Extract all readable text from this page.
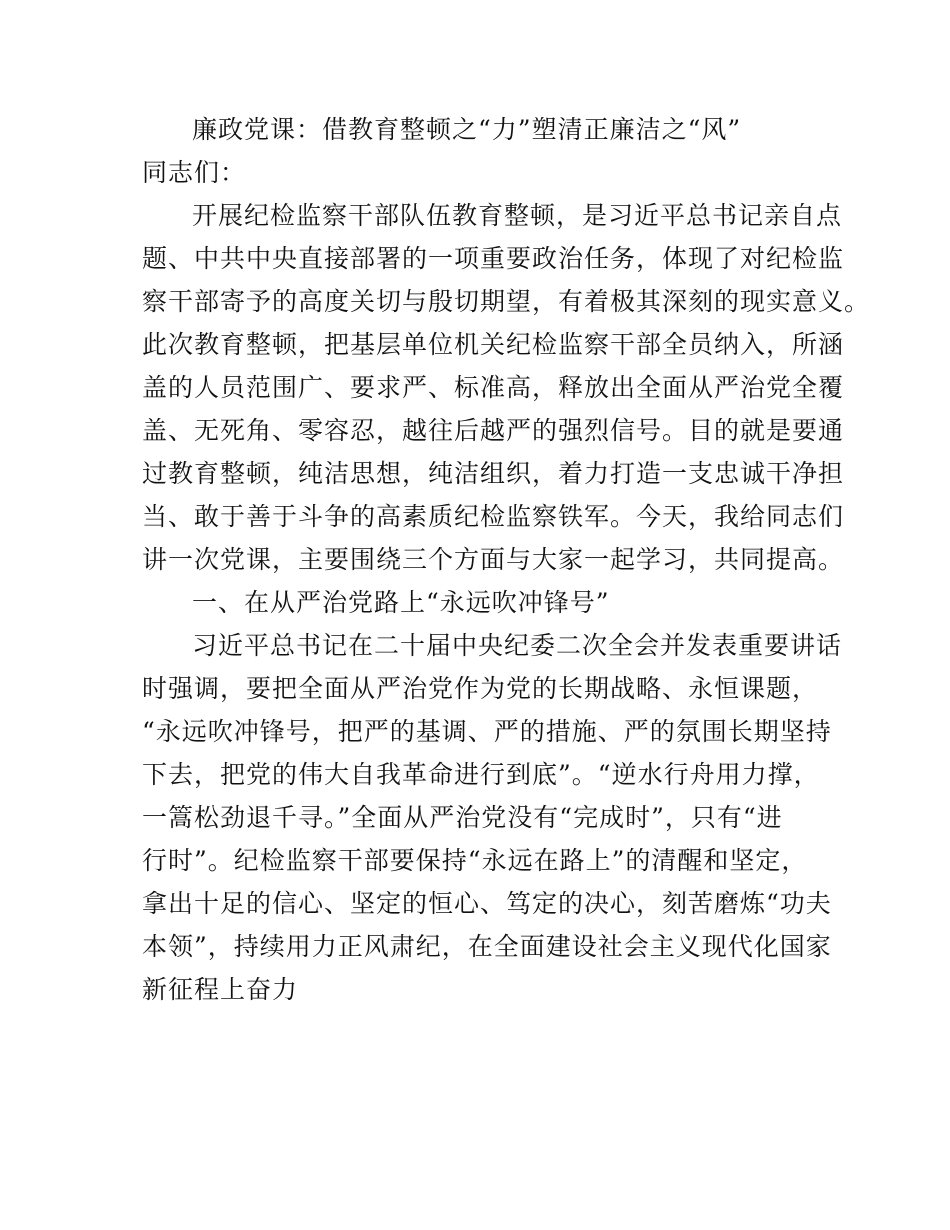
廉政党课：借教育整顿之“力”塑清正廉洁之“风”
同志们：
开展纪检监察干部队伍教育整顿，是习近平总书记亲自点
题、中共中央直接部署的一项重要政治任务，体现了对纪检监
察干部寄予的高度关切与殷切期望，有着极其深刻的现实意义。
此次教育整顿，把基层单位机关纪检监察干部全员纳入，所涵
盖的人员范围广、要求严、标准高，释放出全面从严治党全覆
盖、无死角、零容忍，越往后越严的强烈信号。目的就是要通
过教育整顿，纯洁思想，纯洁组织，着力打造一支忠诚干净担
当、敢于善于斗争的高素质纪检监察铁军。今天，我给同志们
讲一次党课，主要围绕三个方面与大家一起学习，共同提高。
一、在从严治党路上“永远吹冲锋号”
习近平总书记在二十届中央纪委二次全会并发表重要讲话
时强调，要把全面从严治党作为党的长期战略、永恒课题，
“永远吹冲锋号，把严的基调、严的措施、严的氛围长期坚持
下去，把党的伟大自我革命进行到底”。“逆水行舟用力撑，
一篙松劲退千寻。”全面从严治党没有“完成时”，只有“进
行时”。纪检监察干部要保持“永远在路上”的清醒和坚定，
拿出十足的信心、坚定的恒心、笃定的决心，刻苦磨炼“功夫
本领”，持续用力正风肃纪，在全面建设社会主义现代化国家
新征程上奋力
